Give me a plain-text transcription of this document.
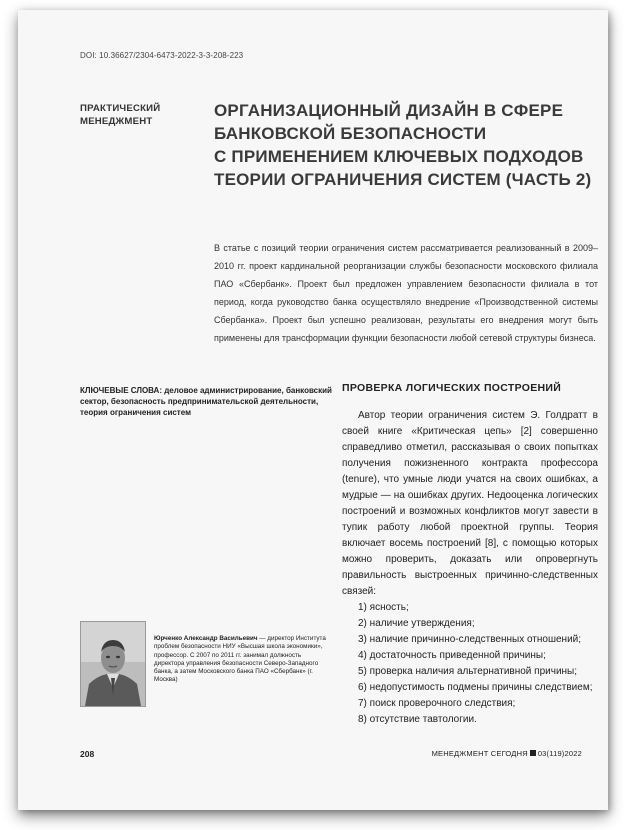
DOI: 10.36627/2304-6473-2022-3-3-208-223
ПРАКТИЧЕСКИЙ
МЕНЕДЖМЕНТ
ОРГАНИЗАЦИОННЫЙ ДИЗАЙН В СФЕРЕ
БАНКОВСКОЙ БЕЗОПАСНОСТИ
С ПРИМЕНЕНИЕМ КЛЮЧЕВЫХ ПОДХОДОВ
ТЕОРИИ ОГРАНИЧЕНИЯ СИСТЕМ (ЧАСТЬ 2)

В статье с позиций теории ограничения систем рассматривается реализованный в 2009–2010 гг. проект кардинальной реорганизации службы безопасности московского филиала ПАО «Сбербанк». Проект был предложен управлением безопасности филиала в тот период, когда руководство банка осуществляло внедрение «Производственной системы Сбербанка». Проект был успешно реализован, результаты его внедрения могут быть применены для трансформации функции безопасности любой сетевой структуры бизнеса.

КЛЮЧЕВЫЕ СЛОВА: деловое администрирование, банковский сектор, безопасность предпринимательской деятельности, теория ограничения систем
ПРОВЕРКА ЛОГИЧЕСКИХ ПОСТРОЕНИЙ

Автор теории ограничения систем Э. Голдратт в своей книге «Критическая цепь» [2] совершенно справедливо отметил, рассказывая о своих попытках получения пожизненного контракта профессора (tenure), что умные люди учатся на своих ошибках, а мудрые — на ошибках других. Недооценка логических построений и возможных конфликтов могут завести в тупик работу любой проектной группы. Теория включает восемь построений [8], с помощью которых можно проверить, доказать или опровергнуть правильность выстроенных причинно-следственных связей:

1) ясность;
2) наличие утверждения;
3) наличие причинно-следственных отношений;
4) достаточность приведенной причины;
5) проверка наличия альтернативной причины;
6) недопустимость подмены причины следствием;
7) поиск проверочного следствия;
8) отсутствие тавтологии.
Юрченко Александр Васильевич — директор Института проблем безопасности НИУ «Высшая школа экономики», профессор. С 2007 по 2011 гг. занимал должность директора управления безопасности Северо-Западного банка, а затем Московского банка ПАО «Сбербанк» (г. Москва)
208	МЕНЕДЖМЕНТ СЕГОДНЯ 03(119)2022
